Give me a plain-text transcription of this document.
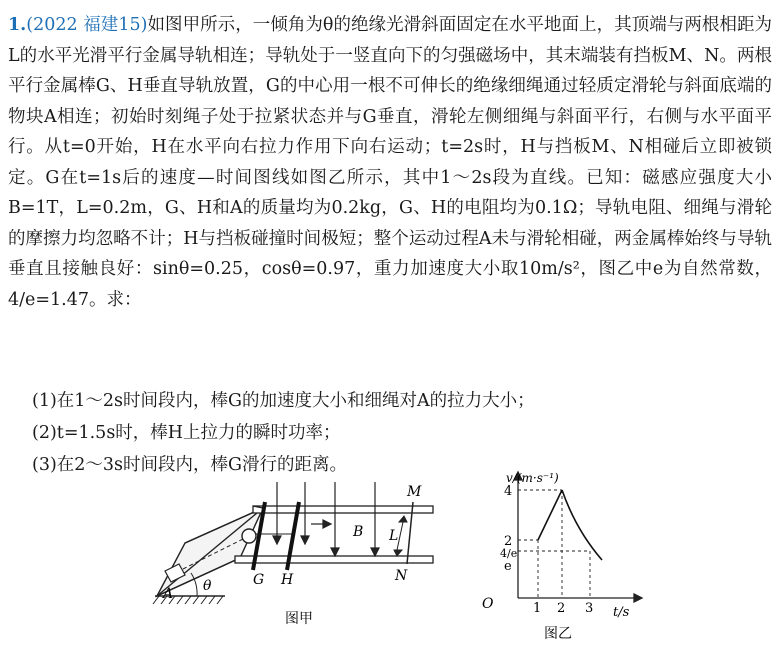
1.(2022 福建15)如图甲所示，一倾角为θ的绝缘光滑斜面固定在水平地面上，其顶端与两根相距为L的水平光滑平行金属导轨相连；导轨处于一竖直向下的匀强磁场中，其末端装有挡板M、N。两根平行金属棒G、H垂直导轨放置，G的中心用一根不可伸长的绝缘细绳通过轻质定滑轮与斜面底端的物块A相连；初始时刻绳子处于拉紧状态并与G垂直，滑轮左侧细绳与斜面平行，右侧与水平面平行。从t=0开始，H在水平向右拉力作用下向右运动；t=2s时，H与挡板M、N相碰后立即被锁定。G在t=1s后的速度—时间图线如图乙所示，其中1～2s段为直线。已知：磁感应强度大小B=1T，L=0.2m，G、H和A的质量均为0.2kg，G、H的电阻均为0.1Ω；导轨电阻、细绳与滑轮的摩擦力均忽略不计；H与挡板碰撞时间极短；整个运动过程A未与滑轮相碰，两金属棒始终与导轨垂直且接触良好：sinθ=0.25，cosθ=0.97，重力加速度大小取10m/s²，图乙中e为自然常数，4/e=1.47。求：

(1)在1～2s时间段内，棒G的加速度大小和细绳对A的拉力大小；
(2)t=1.5s时，棒H上拉力的瞬时功率；
(3)在2～3s时间段内，棒G滑行的距离。
A θ	G H
B L
M
N
图甲
v/(m·s⁻¹)
t/s
O	1 2 3
4
2
4/e
e
图乙
